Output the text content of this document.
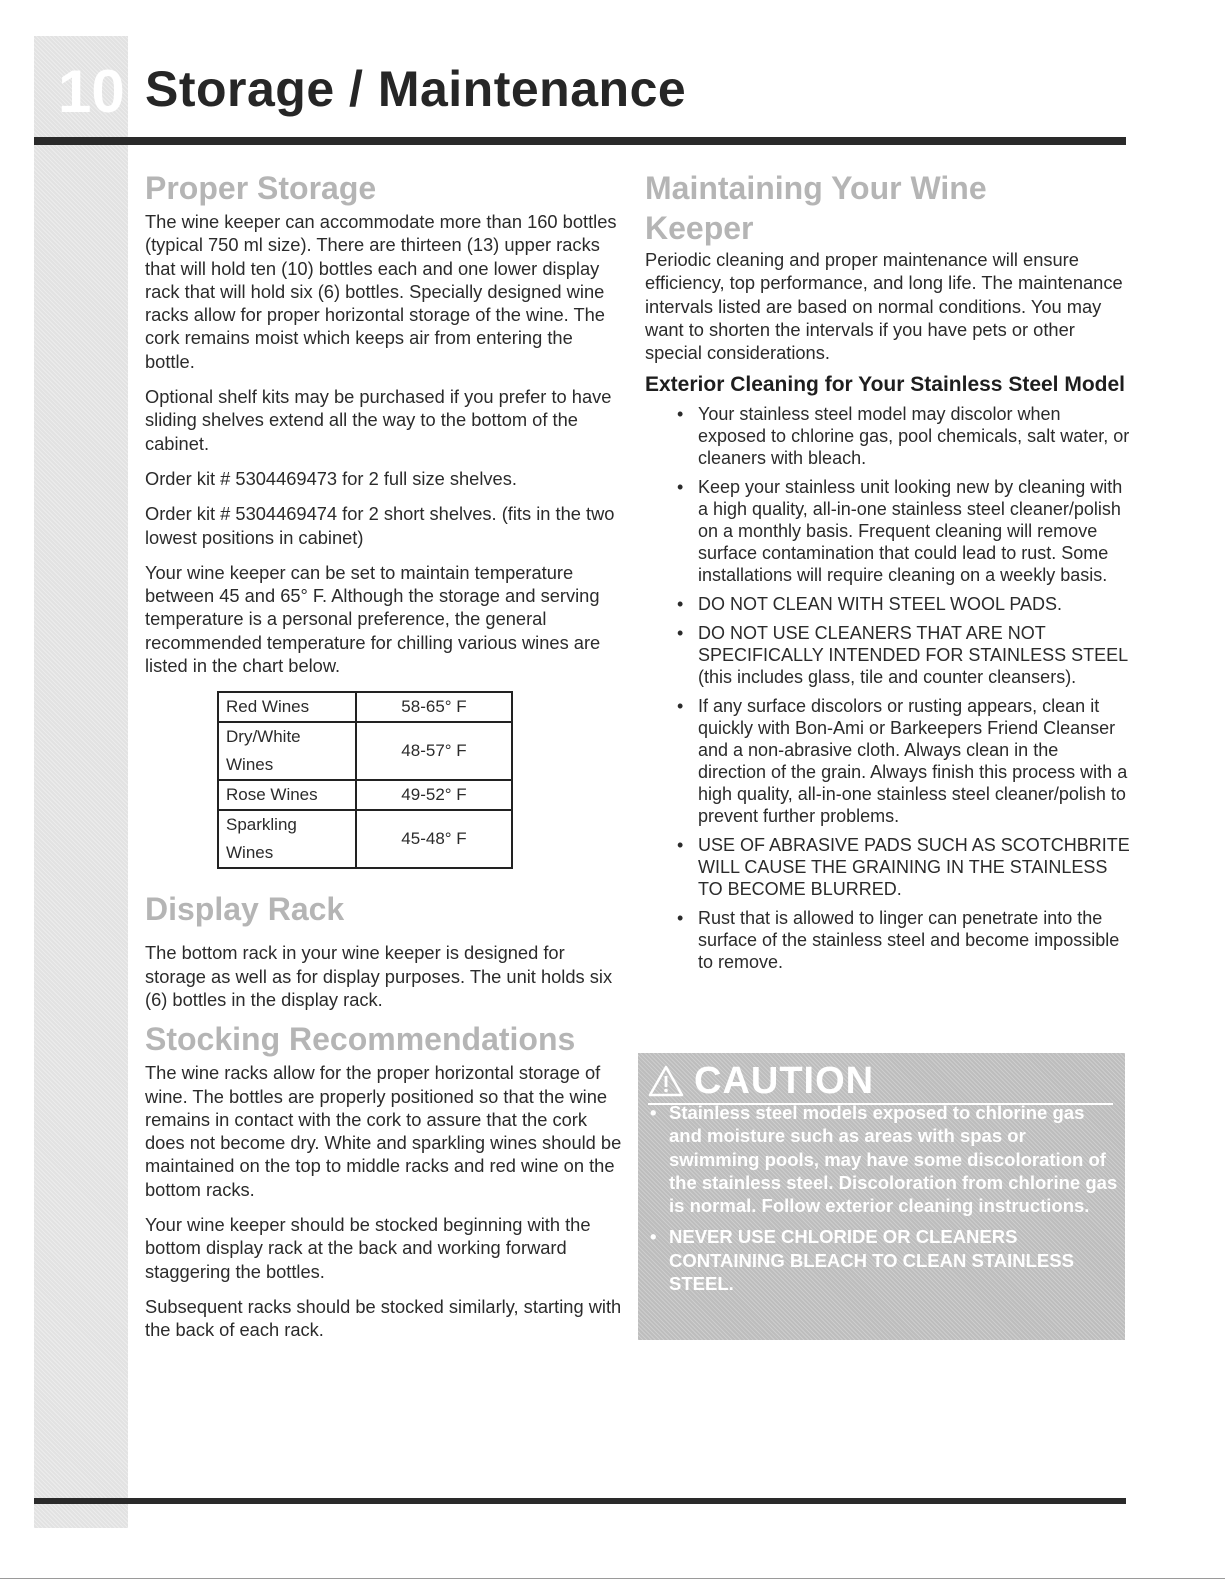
10 Storage / Maintenance
Proper Storage

The wine keeper can accommodate more than 160 bottles (typical 750 ml size). There are thirteen (13) upper racks that will hold ten (10) bottles each and one lower display rack that will hold six (6) bottles. Specially designed wine racks allow for proper horizontal storage of the wine. The cork remains moist which keeps air from entering the bottle.

Optional shelf kits may be purchased if you prefer to have sliding shelves extend all the way to the bottom of the cabinet.

Order kit # 5304469473 for 2 full size shelves.

Order kit # 5304469474 for 2 short shelves. (fits in the two lowest positions in cabinet)

Your wine keeper can be set to maintain temperature between 45 and 65° F. Although the storage and serving temperature is a personal preference, the general recommended temperature for chilling various wines are listed in the chart below.

Red Wines	58-65° F
Dry/White Wines	48-57° F
Rose Wines	49-52° F
Sparkling Wines	45-48° F
Display Rack

The bottom rack in your wine keeper is designed for storage as well as for display purposes. The unit holds six (6) bottles in the display rack.

Stocking Recommendations

The wine racks allow for the proper horizontal storage of wine. The bottles are properly positioned so that the wine remains in contact with the cork to assure that the cork does not become dry. White and sparkling wines should be maintained on the top to middle racks and red wine on the bottom racks.

Your wine keeper should be stocked beginning with the bottom display rack at the back and working forward staggering the bottles.

Subsequent racks should be stocked similarly, starting with the back of each rack.

Maintaining Your Wine
Keeper

Periodic cleaning and proper maintenance will ensure efficiency, top performance, and long life. The maintenance intervals listed are based on normal conditions. You may want to shorten the intervals if you have pets or other special considerations.

Exterior Cleaning for Your Stainless Steel Model
• Your stainless steel model may discolor when exposed to chlorine gas, pool chemicals, salt water, or cleaners with bleach.
• Keep your stainless unit looking new by cleaning with a high quality, all-in-one stainless steel cleaner/polish on a monthly basis. Frequent cleaning will remove surface contamination that could lead to rust. Some installations will require cleaning on a weekly basis.
• DO NOT CLEAN WITH STEEL WOOL PADS.
• DO NOT USE CLEANERS THAT ARE NOT SPECIFICALLY INTENDED FOR STAINLESS STEEL (this includes glass, tile and counter cleansers).
• If any surface discolors or rusting appears, clean it quickly with Bon-Ami or Barkeepers Friend Cleanser and a non-abrasive cloth. Always clean in the direction of the grain. Always finish this process with a high quality, all-in-one stainless steel cleaner/polish to prevent further problems.
• USE OF ABRASIVE PADS SUCH AS SCOTCHBRITE WILL CAUSE THE GRAINING IN THE STAINLESS TO BECOME BLURRED.
• Rust that is allowed to linger can penetrate into the surface of the stainless steel and become impossible to remove.
CAUTION
• Stainless steel models exposed to chlorine gas and moisture such as areas with spas or swimming pools, may have some discoloration of the stainless steel. Discoloration from chlorine gas is normal. Follow exterior cleaning instructions.
• NEVER USE CHLORIDE OR CLEANERS CONTAINING BLEACH TO CLEAN STAINLESS STEEL.
